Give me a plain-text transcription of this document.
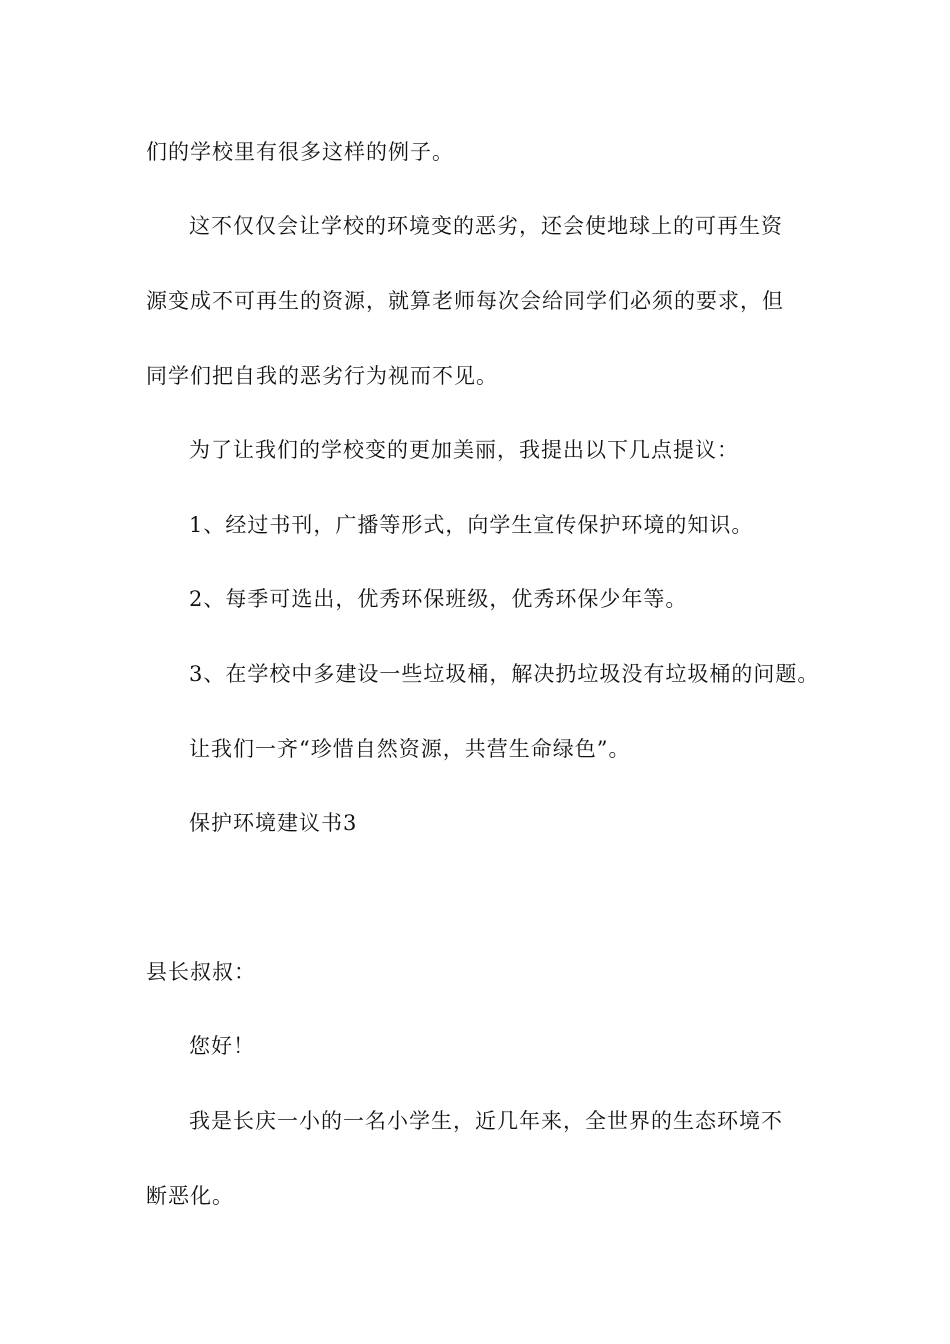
们的学校里有很多这样的例子。
这不仅仅会让学校的环境变的恶劣，还会使地球上的可再生资
源变成不可再生的资源，就算老师每次会给同学们必须的要求，但
同学们把自我的恶劣行为视而不见。
为了让我们的学校变的更加美丽，我提出以下几点提议：
1、经过书刊，广播等形式，向学生宣传保护环境的知识。
2、每季可选出，优秀环保班级，优秀环保少年等。
3、在学校中多建设一些垃圾桶，解决扔垃圾没有垃圾桶的问题。
让我们一齐“珍惜自然资源，共营生命绿色”。
保护环境建议书3
县长叔叔：
您好！
我是长庆一小的一名小学生，近几年来，全世界的生态环境不
断恶化。
